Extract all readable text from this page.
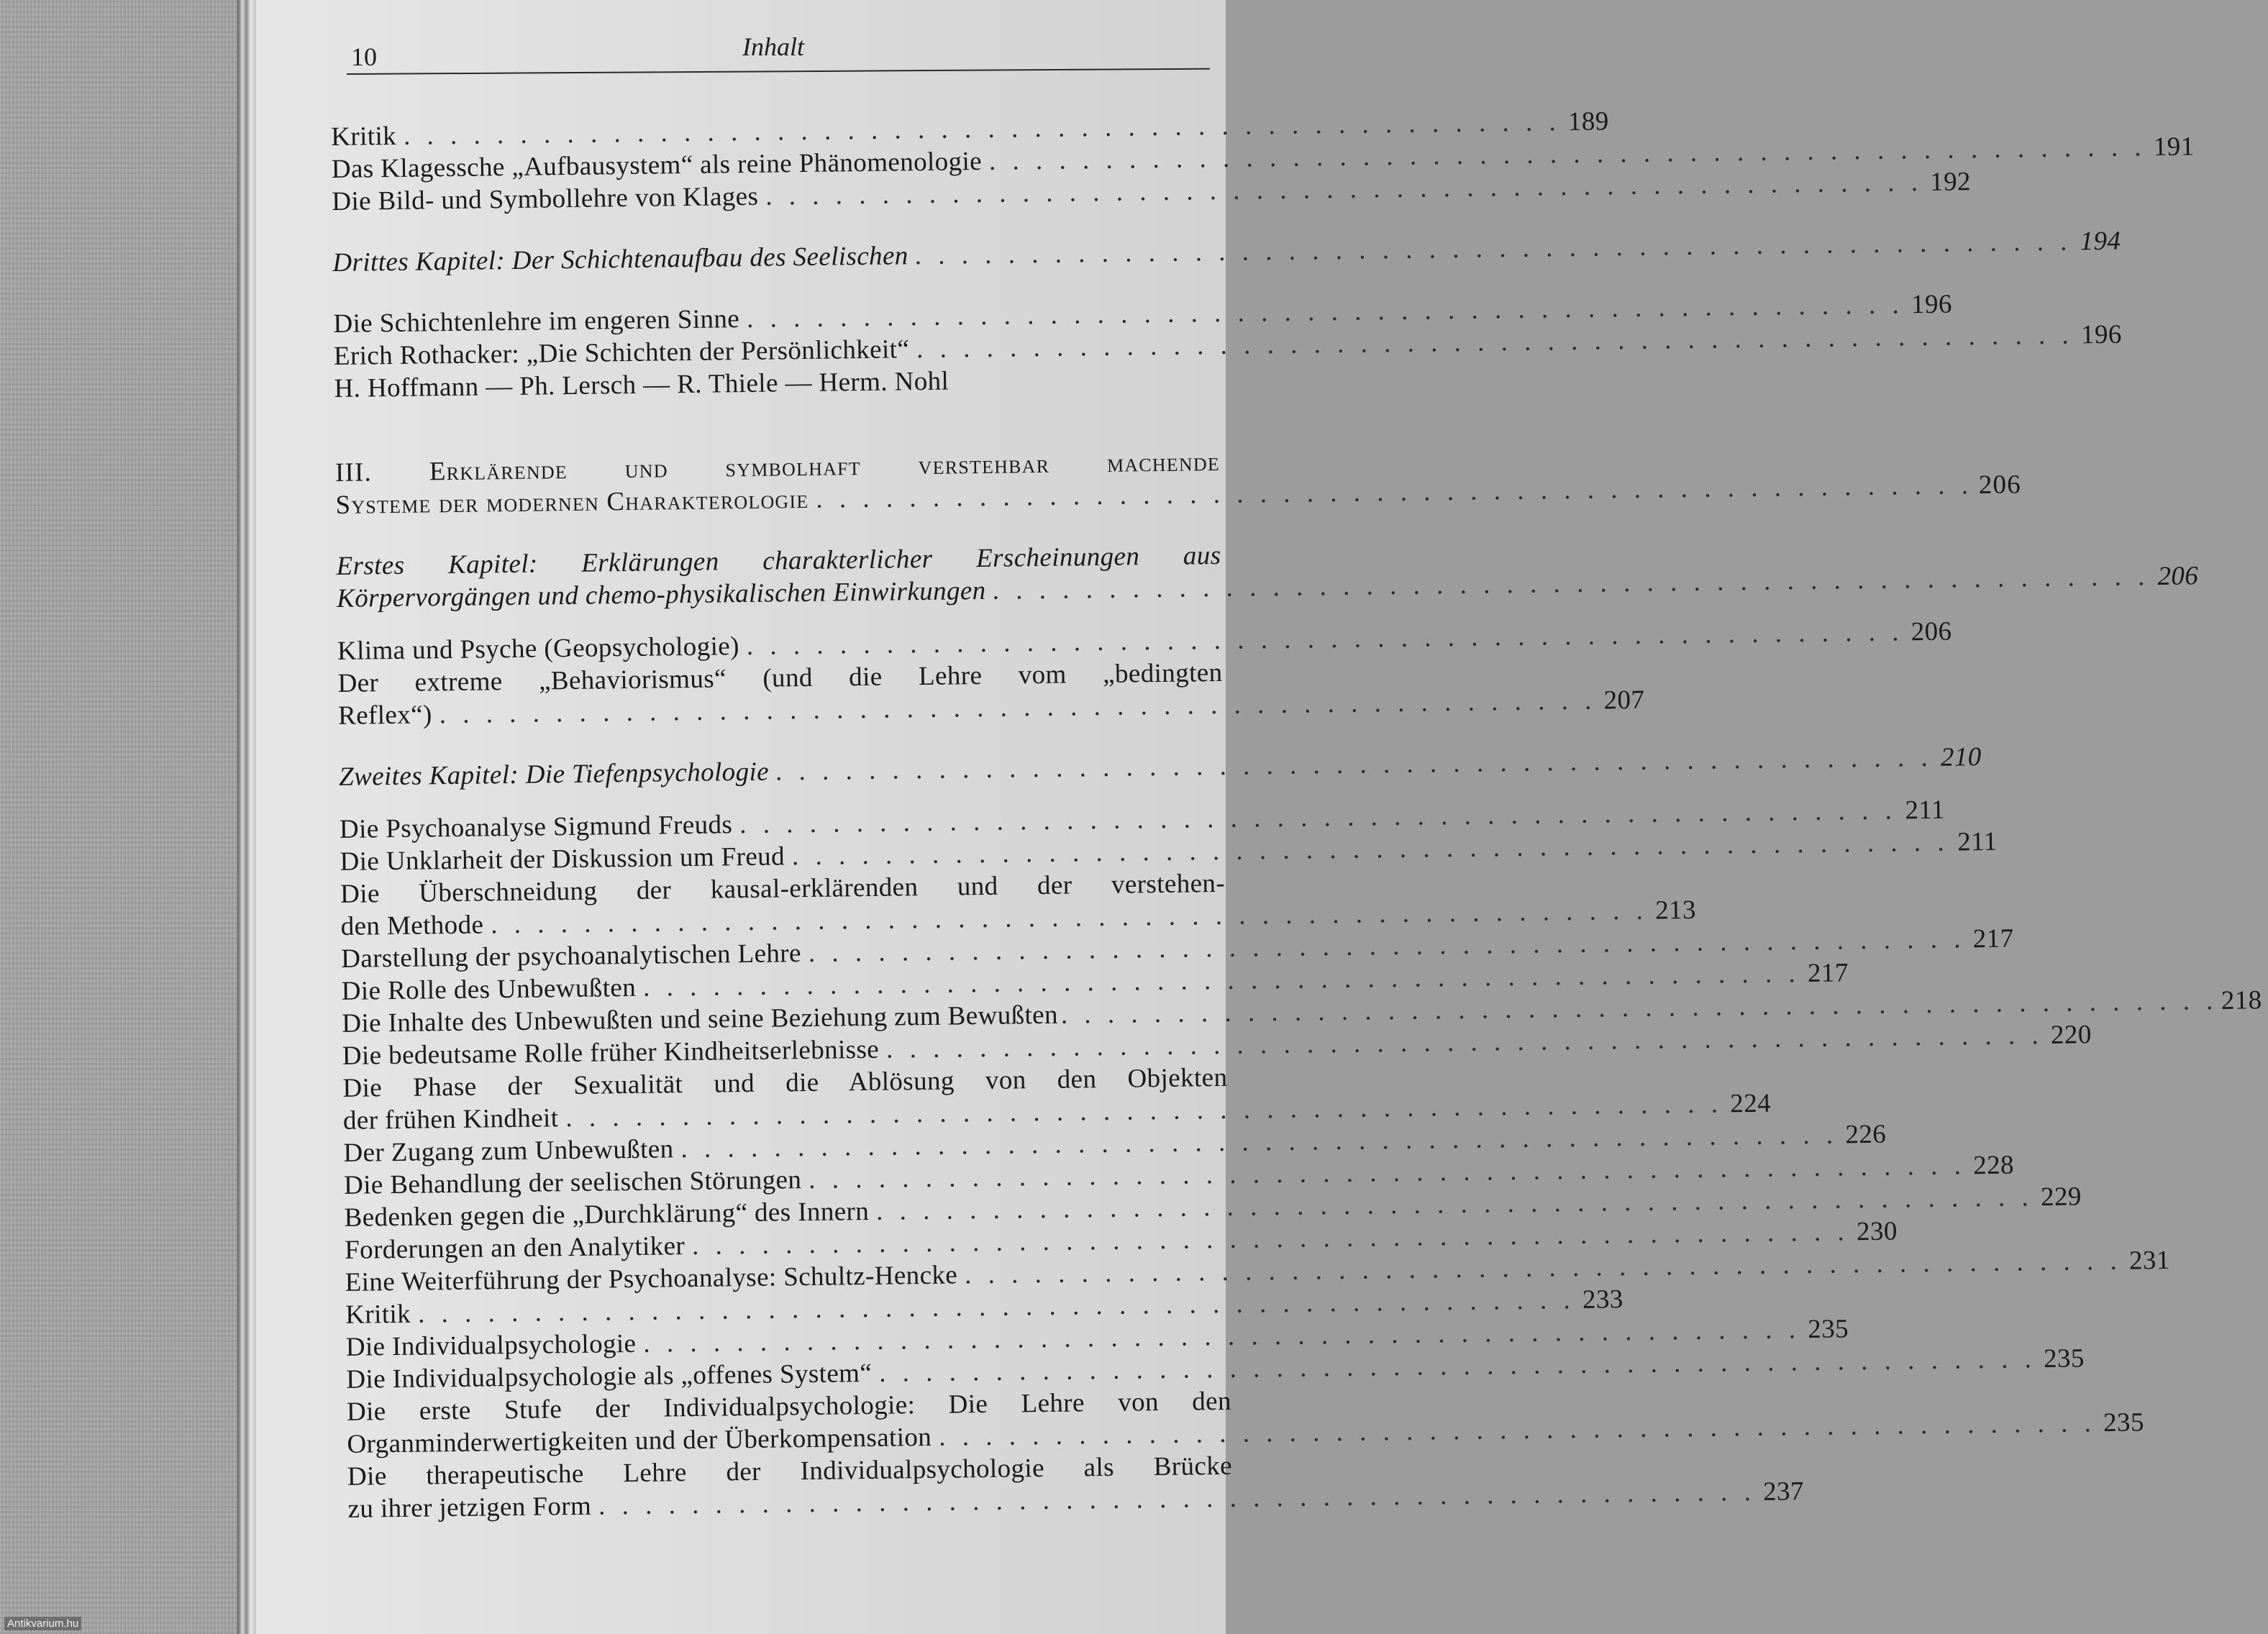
10	Inhalt
Kritik . . .	189
Das Klagessche „Aufbausystem“ als reine Phänomenologie . . .	191
Die Bild- und Symbollehre von Klages . . .	192
Drittes Kapitel: Der Schichtenaufbau des Seelischen . . .	194
Die Schichtenlehre im engeren Sinne . . .	196
Erich Rothacker: „Die Schichten der Persönlichkeit“ . . .	196
H. Hoffmann — Ph. Lersch — R. Thiele — Herm. Nohl
III. Erklärende und symbolhaft verstehbar machende
Systeme der modernen Charakterologie . . .	206
Erstes Kapitel: Erklärungen charakterlicher Erscheinungen aus
Körpervorgängen und chemo-physikalischen Einwirkungen . . .	206
Klima und Psyche (Geopsychologie) . . .	206
Der extreme „Behaviorismus“ (und die Lehre vom „bedingten
Reflex“) . . .	207
Zweites Kapitel: Die Tiefenpsychologie . . .	210
Die Psychoanalyse Sigmund Freuds . . .	211
Die Unklarheit der Diskussion um Freud . . .	211
Die Überschneidung der kausal-erklärenden und der verstehen-
den Methode . . .	213
Darstellung der psychoanalytischen Lehre . . .	217
Die Rolle des Unbewußten . . .	217
Die Inhalte des Unbewußten und seine Beziehung zum Bewußten . . .	218
Die bedeutsame Rolle früher Kindheitserlebnisse . . .	220
Die Phase der Sexualität und die Ablösung von den Objekten
der frühen Kindheit . . .	224
Der Zugang zum Unbewußten . . .	226
Die Behandlung der seelischen Störungen . . .	228
Bedenken gegen die „Durchklärung“ des Innern . . .	229
Forderungen an den Analytiker . . .	230
Eine Weiterführung der Psychoanalyse: Schultz-Hencke . . .	231
Kritik . . .	233
Die Individualpsychologie . . .	235
Die Individualpsychologie als „offenes System“ . . .	235
Die erste Stufe der Individualpsychologie: Die Lehre von den
Organminderwertigkeiten und der Überkompensation . . .	235
Die therapeutische Lehre der Individualpsychologie als Brücke
zu ihrer jetzigen Form . . .	237
Antikvarium.hu
